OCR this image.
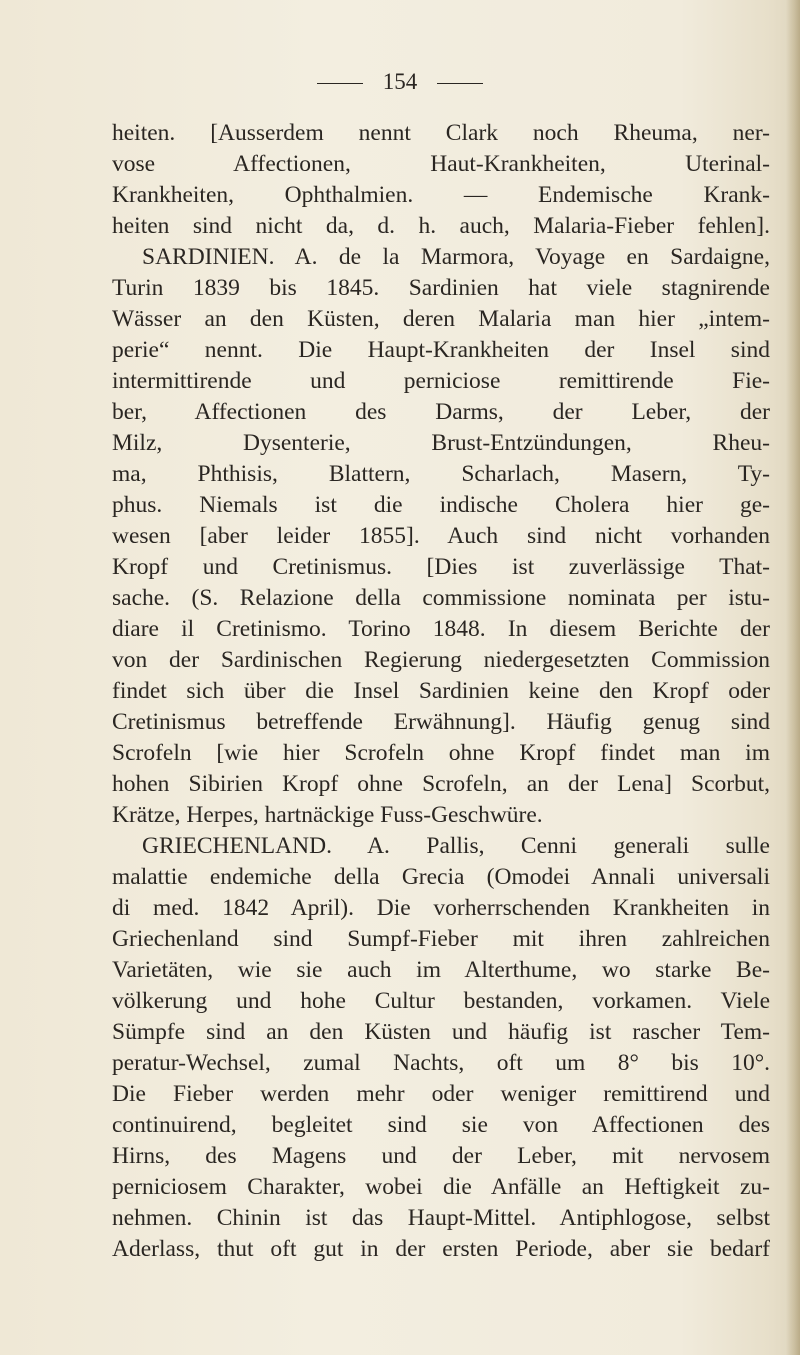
154
heiten. [Ausserdem nennt Clark noch Rheuma, ner-
vose Affectionen, Haut-Krankheiten, Uterinal-
Krankheiten, Ophthalmien. — Endemische Krank-
heiten sind nicht da, d. h. auch, Malaria-Fieber fehlen].
SARDINIEN. A. de la Marmora, Voyage en Sardaigne,
Turin 1839 bis 1845. Sardinien hat viele stagnirende
Wässer an den Küsten, deren Malaria man hier „intem-
perie“ nennt. Die Haupt-Krankheiten der Insel sind
intermittirende und perniciose remittirende Fie-
ber, Affectionen des Darms, der Leber, der
Milz, Dysenterie, Brust-Entzündungen, Rheu-
ma, Phthisis, Blattern, Scharlach, Masern, Ty-
phus. Niemals ist die indische Cholera hier ge-
wesen [aber leider 1855]. Auch sind nicht vorhanden
Kropf und Cretinismus. [Dies ist zuverlässige That-
sache. (S. Relazione della commissione nominata per istu-
diare il Cretinismo. Torino 1848. In diesem Berichte der
von der Sardinischen Regierung niedergesetzten Commission
findet sich über die Insel Sardinien keine den Kropf oder
Cretinismus betreffende Erwähnung]. Häufig genug sind
Scrofeln [wie hier Scrofeln ohne Kropf findet man im
hohen Sibirien Kropf ohne Scrofeln, an der Lena] Scorbut,
Krätze, Herpes, hartnäckige Fuss-Geschwüre.
GRIECHENLAND. A. Pallis, Cenni generali sulle
malattie endemiche della Grecia (Omodei Annali universali
di med. 1842 April). Die vorherrschenden Krankheiten in
Griechenland sind Sumpf-Fieber mit ihren zahlreichen
Varietäten, wie sie auch im Alterthume, wo starke Be-
völkerung und hohe Cultur bestanden, vorkamen. Viele
Sümpfe sind an den Küsten und häufig ist rascher Tem-
peratur-Wechsel, zumal Nachts, oft um 8° bis 10°.
Die Fieber werden mehr oder weniger remittirend und
continuirend, begleitet sind sie von Affectionen des
Hirns, des Magens und der Leber, mit nervosem
perniciosem Charakter, wobei die Anfälle an Heftigkeit zu-
nehmen. Chinin ist das Haupt-Mittel. Antiphlogose, selbst
Aderlass, thut oft gut in der ersten Periode, aber sie bedarf
